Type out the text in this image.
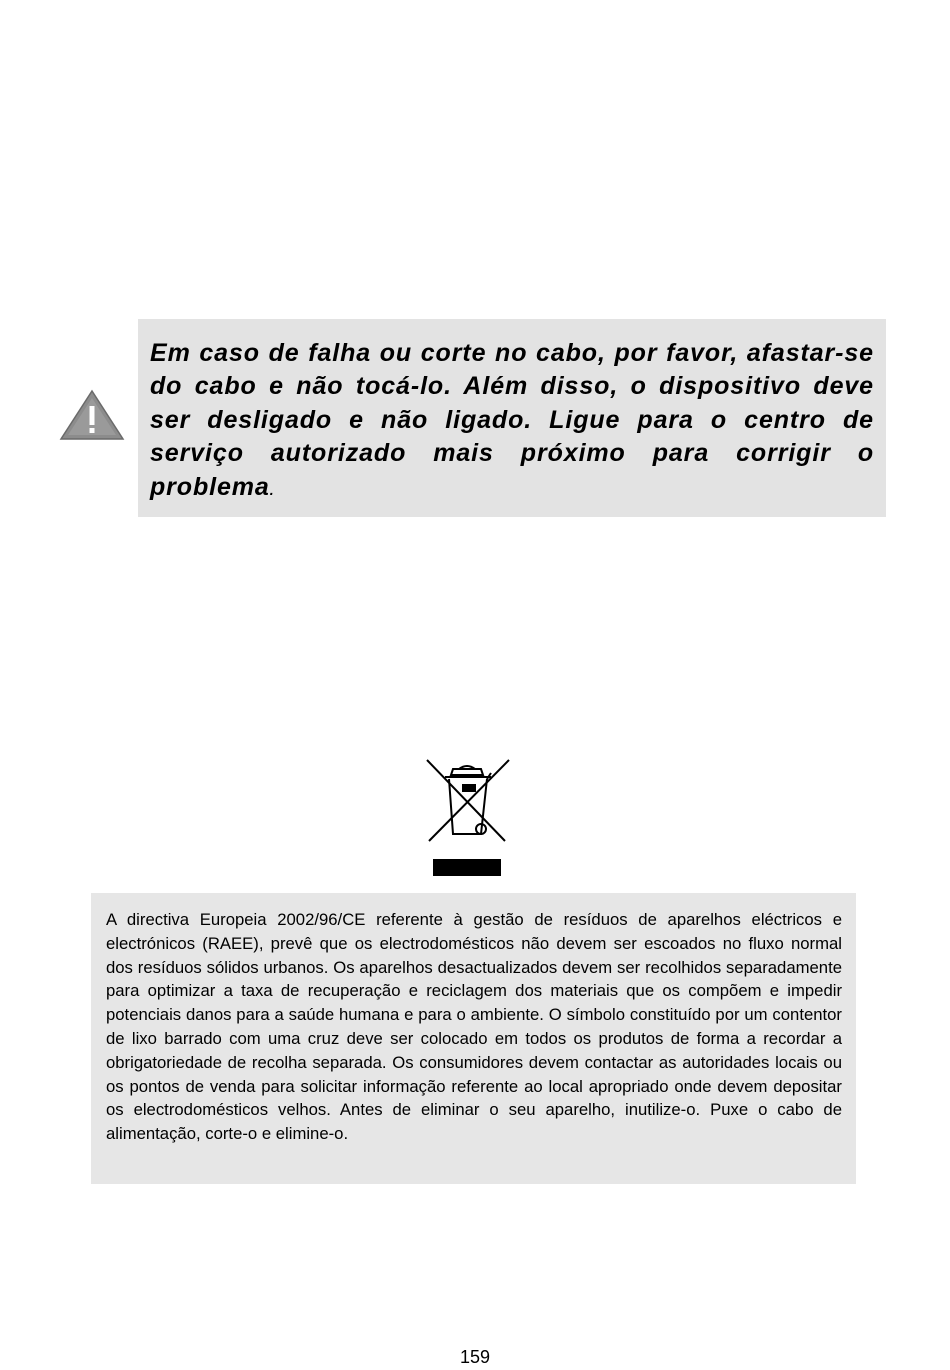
Em caso de falha ou corte no cabo, por favor, afastar-se do cabo e não tocá-lo. Além disso, o dispositivo deve ser desligado e não ligado. Ligue para o centro de serviço autorizado mais próximo para corrigir o problema.

A directiva Europeia 2002/96/CE referente à gestão de resíduos de aparelhos eléctricos e electrónicos (RAEE), prevê que os electrodomésticos não devem ser escoados no fluxo normal dos resíduos sólidos urbanos. Os aparelhos desactualizados devem ser recolhidos separadamente para optimizar a taxa de recuperação e reciclagem dos materiais que os compõem e impedir potenciais danos para a saúde humana e para o ambiente. O símbolo constituído por um contentor de lixo barrado com uma cruz deve ser colocado em todos os produtos de forma a recordar a obrigatoriedade de recolha separada. Os consumidores devem contactar as autoridades locais ou os pontos de venda para solicitar informação referente ao local apropriado onde devem depositar os electrodomésticos velhos. Antes de eliminar o seu aparelho, inutilize-o. Puxe o cabo de alimentação, corte-o e elimine-o.

159
